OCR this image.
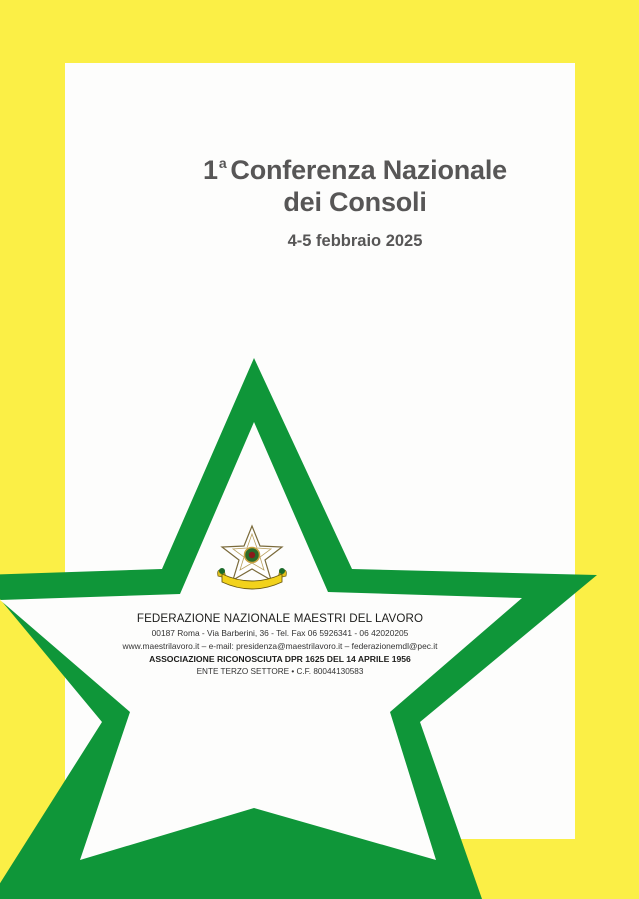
1$^a$ Conferenza Nazionale
dei Consoli
4-5 febbraio 2025
FEDERAZIONE NAZIONALE MAESTRI DEL LAVORO
00187 Roma - Via Barberini, 36 - Tel. Fax 06 5926341 - 06 42020205
www.maestrilavoro.it – e-mail: presidenza@maestrilavoro.it – federazionemdl@pec.it
ASSOCIAZIONE RICONOSCIUTA DPR 1625 DEL 14 APRILE 1956
ENTE TERZO SETTORE • C.F. 80044130583
